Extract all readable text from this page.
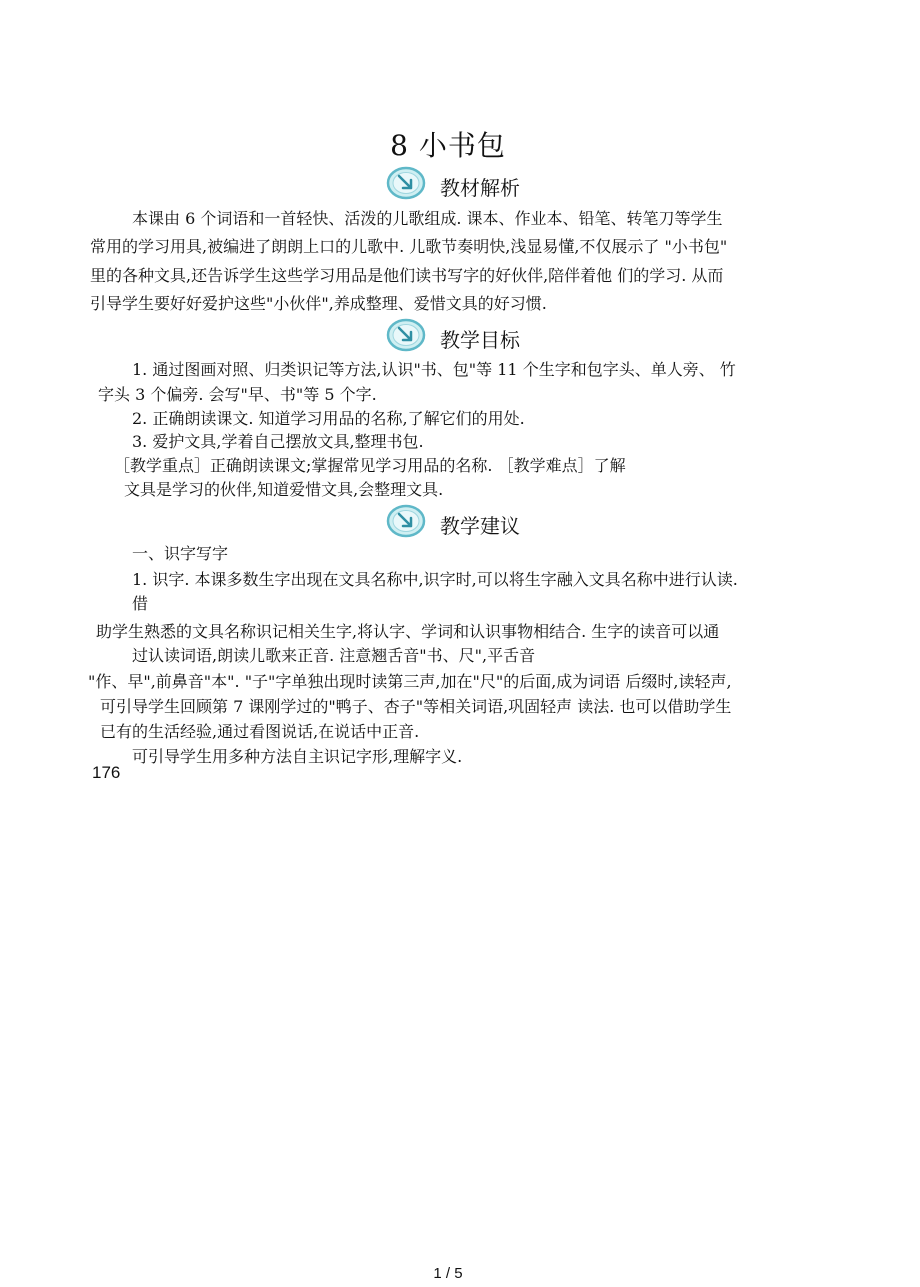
8 小书包
教材解析
本课由 6 个词语和一首轻快、活泼的儿歌组成. 课本、作业本、铅笔、转笔刀等学生
常用的学习用具,被编进了朗朗上口的儿歌中. 儿歌节奏明快,浅显易懂,不仅展示了 "小书包"
里的各种文具,还告诉学生这些学习用品是他们读书写字的好伙伴,陪伴着他 们的学习. 从而
引导学生要好好爱护这些"小伙伴",养成整理、爱惜文具的好习惯.
教学目标
1. 通过图画对照、归类识记等方法,认识"书、包"等 11 个生字和包字头、单人旁、 竹
字头 3 个偏旁. 会写"早、书"等 5 个字.
2. 正确朗读课文. 知道学习用品的名称,了解它们的用处.
3. 爱护文具,学着自己摆放文具,整理书包.
［教学重点］正确朗读课文;掌握常见学习用品的名称. ［教学难点］了解
文具是学习的伙伴,知道爱惜文具,会整理文具.
教学建议
一、识字写字
1. 识字. 本课多数生字出现在文具名称中,识字时,可以将生字融入文具名称中进行认读.
借
助学生熟悉的文具名称识记相关生字,将认字、学词和认识事物相结合. 生字的读音可以通
过认读词语,朗读儿歌来正音. 注意翘舌音"书、尺",平舌音
"作、早",前鼻音"本". "子"字单独出现时读第三声,加在"尺"的后面,成为词语 后缀时,读轻声,
可引导学生回顾第 7 课刚学过的"鸭子、杏子"等相关词语,巩固轻声 读法. 也可以借助学生
已有的生活经验,通过看图说话,在说话中正音.
可引导学生用多种方法自主识记字形,理解字义.
176
1 / 5
